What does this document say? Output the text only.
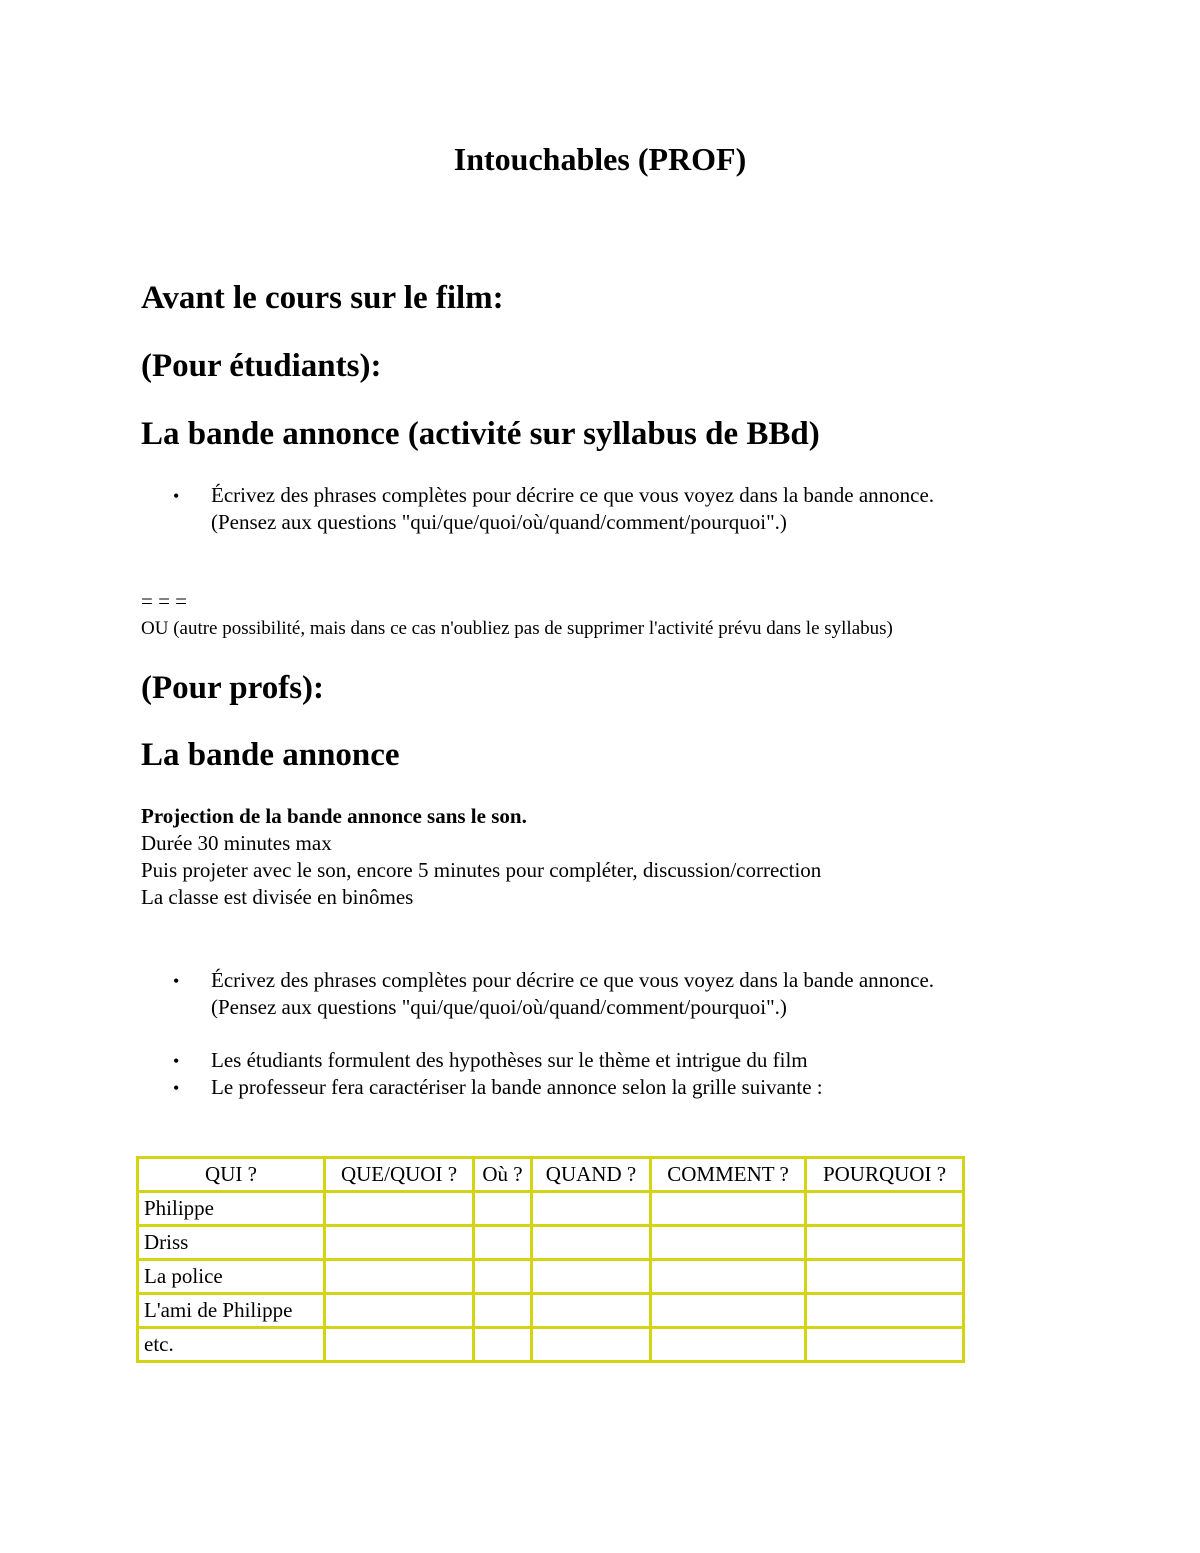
Intouchables (PROF)
Avant le cours sur le film:
(Pour étudiants):
La bande annonce (activité sur syllabus de BBd)
• Écrivez des phrases complètes pour décrire ce que vous voyez dans la bande annonce.
(Pensez aux questions "qui/que/quoi/où/quand/comment/pourquoi".)
= = =
OU (autre possibilité, mais dans ce cas n'oubliez pas de supprimer l'activité prévu dans le syllabus)
(Pour profs):
La bande annonce
Projection de la bande annonce sans le son.
Durée 30 minutes max
Puis projeter avec le son, encore 5 minutes pour compléter, discussion/correction
La classe est divisée en binômes
• Écrivez des phrases complètes pour décrire ce que vous voyez dans la bande annonce.
(Pensez aux questions "qui/que/quoi/où/quand/comment/pourquoi".)
• Les étudiants formulent des hypothèses sur le thème et intrigue du film
• Le professeur fera caractériser la bande annonce selon la grille suivante :
QUI ?	QUE/QUOI ?	Où ?	QUAND ?	COMMENT ?	POURQUOI ?
Philippe					
Driss					
La police					
L'ami de Philippe					
etc.					
